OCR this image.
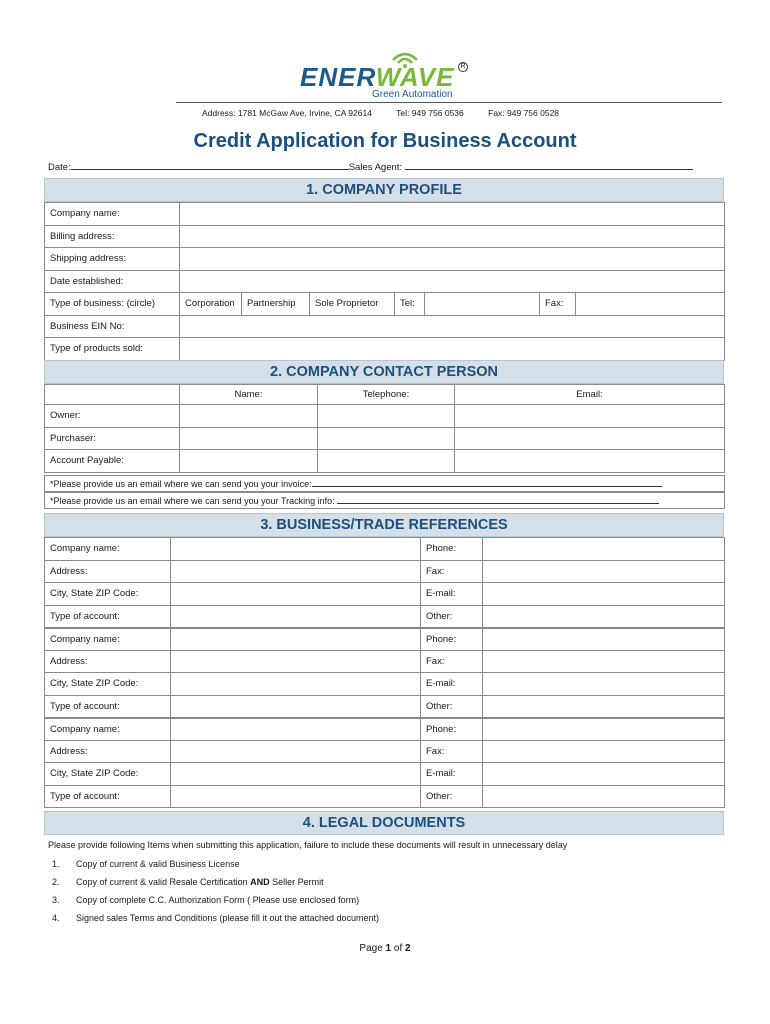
ENERWAVE R
Green Automation
Address: 1781 McGaw Ave, Irvine, CA 92614	Tel: 949 756 0536	Fax: 949 756 0528
Credit Application for Business Account
Date:	Sales Agent:
1. COMPANY PROFILE
Company name:							
Billing address:							
Shipping address:							
Date established:							
Type of business: (circle)	Corporation	Partnership	Sole Proprietor	Tel:		Fax:	
Business EIN No:							
Type of products sold:							
2. COMPANY CONTACT PERSON
	Name:	Telephone:	Email:
Owner:			
Purchaser:			
Account Payable:			
*Please provide us an email where we can send you your invoice:
*Please provide us an email where we can send you your Tracking info:
3. BUSINESS/TRADE REFERENCES
Company name:		Phone:	
Address:		Fax:	
City, State ZIP Code:		E-mail:	
Type of account:		Other:	
Company name:		Phone:	
Address:		Fax:	
City, State ZIP Code:		E-mail:	
Type of account:		Other:	
Company name:		Phone:	
Address:		Fax:	
City, State ZIP Code:		E-mail:	
Type of account:		Other:	
4. LEGAL DOCUMENTS
Please provide following Items when submitting this application, failure to include these documents will result in unnecessary delay
1. Copy of current & valid Business License
2. Copy of current & valid Resale Certification AND Seller Permit
3. Copy of complete C.C. Authorization Form ( Please use enclosed form)
4. Signed sales Terms and Conditions (please fill it out the attached document)
Page 1 of 2
